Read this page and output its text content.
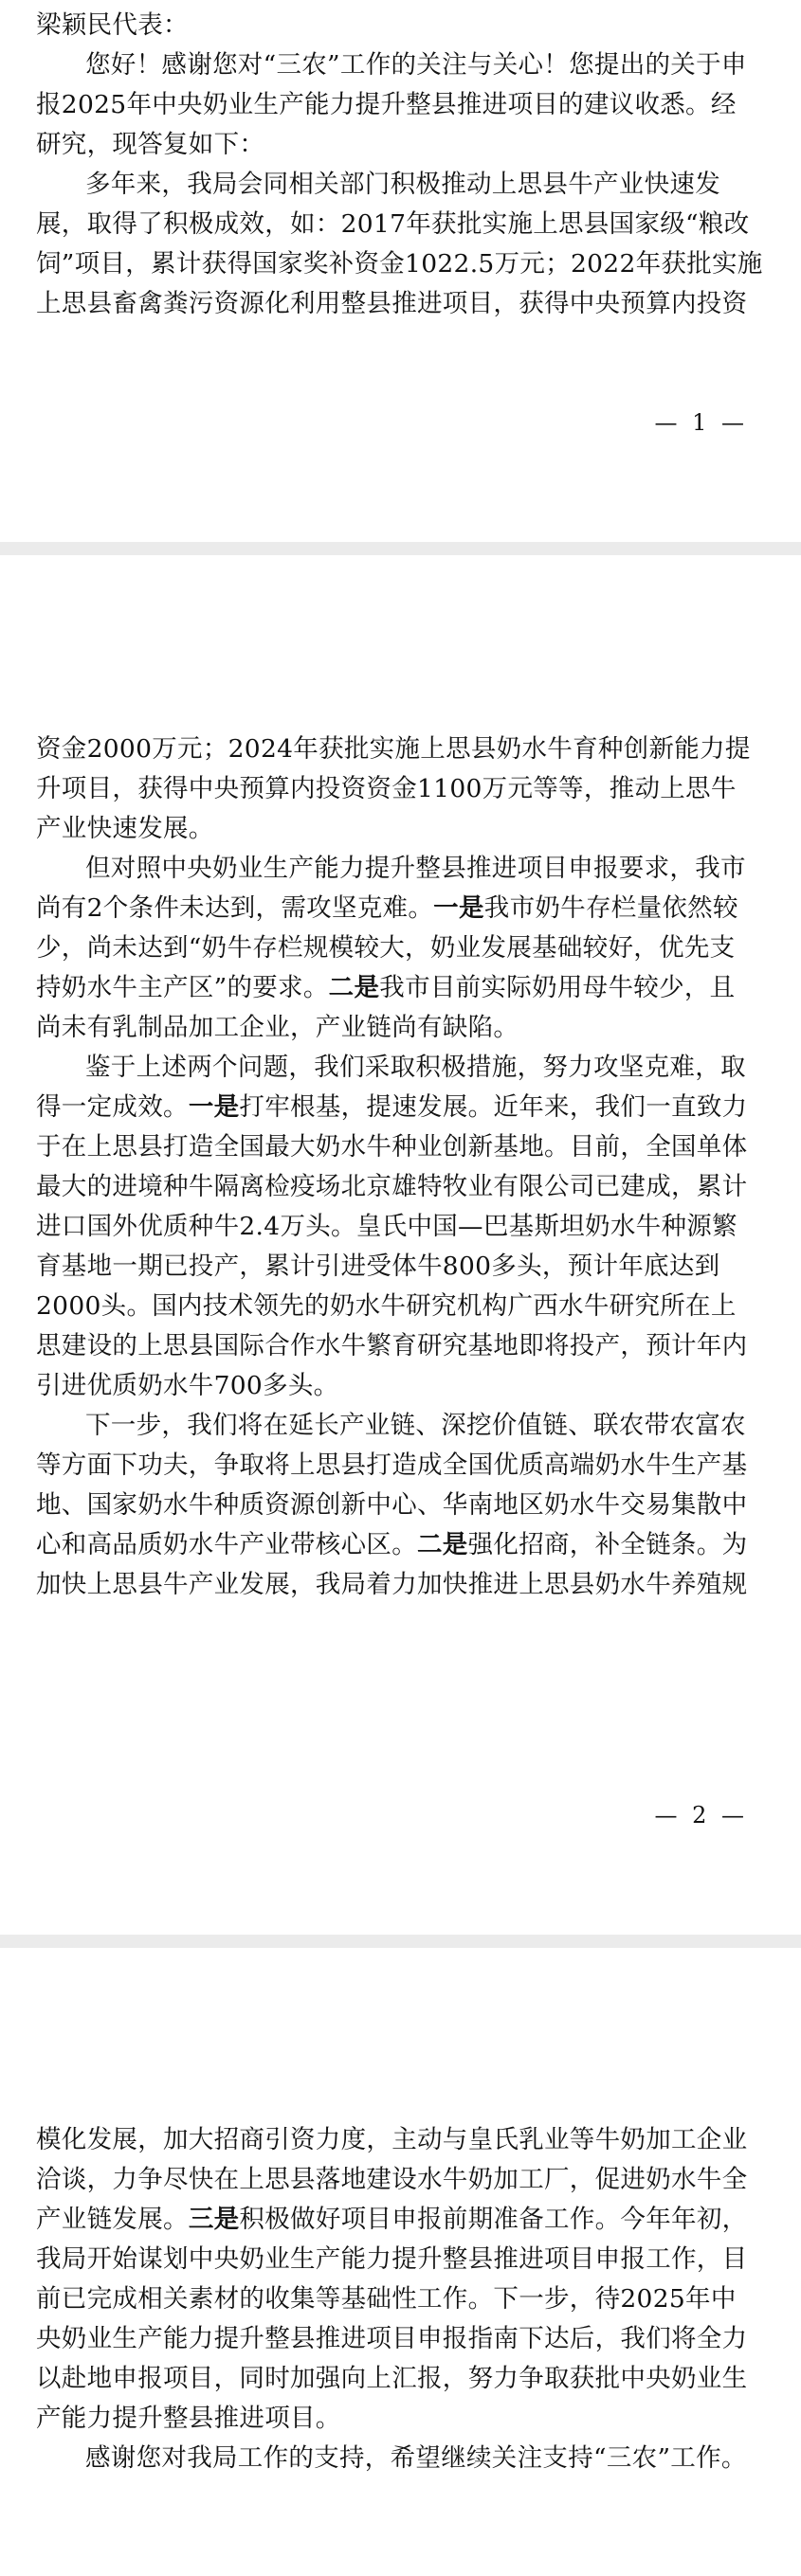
梁颖民代表：
您好！感谢您对“三农”工作的关注与关心！您提出的关于申
报2025年中央奶业生产能力提升整县推进项目的建议收悉。经
研究，现答复如下：
多年来，我局会同相关部门积极推动上思县牛产业快速发
展，取得了积极成效，如：2017年获批实施上思县国家级“粮改
饲”项目，累计获得国家奖补资金1022.5万元；2022年获批实施
上思县畜禽粪污资源化利用整县推进项目，获得中央预算内投资
— 1 —
资金2000万元；2024年获批实施上思县奶水牛育种创新能力提
升项目，获得中央预算内投资资金1100万元等等，推动上思牛
产业快速发展。
但对照中央奶业生产能力提升整县推进项目申报要求，我市
尚有2个条件未达到，需攻坚克难。一是我市奶牛存栏量依然较
少，尚未达到“奶牛存栏规模较大，奶业发展基础较好，优先支
持奶水牛主产区”的要求。二是我市目前实际奶用母牛较少，且
尚未有乳制品加工企业，产业链尚有缺陷。
鉴于上述两个问题，我们采取积极措施，努力攻坚克难，取
得一定成效。一是打牢根基，提速发展。近年来，我们一直致力
于在上思县打造全国最大奶水牛种业创新基地。目前，全国单体
最大的进境种牛隔离检疫场北京雄特牧业有限公司已建成，累计
进口国外优质种牛2.4万头。皇氏中国—巴基斯坦奶水牛种源繁
育基地一期已投产，累计引进受体牛800多头，预计年底达到
2000头。国内技术领先的奶水牛研究机构广西水牛研究所在上
思建设的上思县国际合作水牛繁育研究基地即将投产，预计年内
引进优质奶水牛700多头。
下一步，我们将在延长产业链、深挖价值链、联农带农富农
等方面下功夫，争取将上思县打造成全国优质高端奶水牛生产基
地、国家奶水牛种质资源创新中心、华南地区奶水牛交易集散中
心和高品质奶水牛产业带核心区。二是强化招商，补全链条。为
加快上思县牛产业发展，我局着力加快推进上思县奶水牛养殖规
— 2 —
模化发展，加大招商引资力度，主动与皇氏乳业等牛奶加工企业
洽谈，力争尽快在上思县落地建设水牛奶加工厂，促进奶水牛全
产业链发展。三是积极做好项目申报前期准备工作。今年年初，
我局开始谋划中央奶业生产能力提升整县推进项目申报工作，目
前已完成相关素材的收集等基础性工作。下一步，待2025年中
央奶业生产能力提升整县推进项目申报指南下达后，我们将全力
以赴地申报项目，同时加强向上汇报，努力争取获批中央奶业生
产能力提升整县推进项目。
感谢您对我局工作的支持，希望继续关注支持“三农”工作。
